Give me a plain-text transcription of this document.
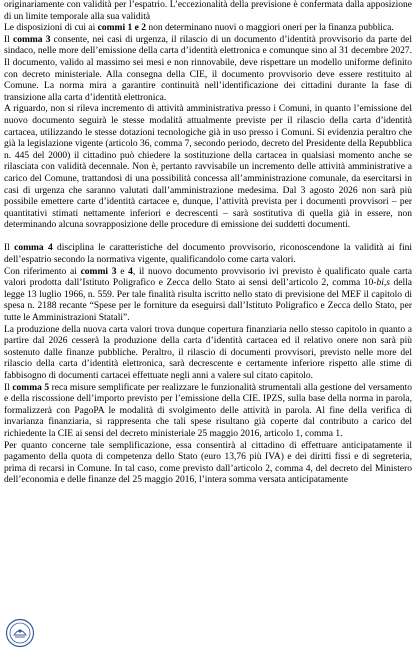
originariamente con validità per l’espatrio. L’eccezionalità della previsione è confermata dalla apposizione di un limite temporale alla sua validità

Le disposizioni di cui ai commi 1 e 2 non determinano nuovi o maggiori oneri per la finanza pubblica.

Il comma 3 consente, nei casi di urgenza, il rilascio di un documento d’identità provvisorio da parte del sindaco, nelle more dell’emissione della carta d’identità elettronica e comunque sino al 31 decembre 2027. Il documento, valido al massimo sei mesi e non rinnovabile, deve rispettare un modello uniforme definito con decreto ministeriale. Alla consegna della CIE, il documento provvisorio deve essere restituito al Comune. La norma mira a garantire continuità nell’identificazione dei cittadini durante la fase di transizione alla carta d’identità elettronica.

A riguardo, non si rileva incremento di attività amministrativa presso i Comuni, in quanto l’emissione del nuovo documento seguirà le stesse modalità attualmente previste per il rilascio della carta d’identità cartacea, utilizzando le stesse dotazioni tecnologiche già in uso presso i Comuni. Si evidenzia peraltro che già la legislazione vigente (articolo 36, comma 7, secondo periodo, decreto del Presidente della Repubblica n. 445 del 2000) il cittadino può chiedere la sostituzione della cartacea in qualsiasi momento anche se rilasciata con validità decennale. Non è, pertanto ravvisabile un incremento delle attività amministrative a carico del Comune, trattandosi di una possibilità concessa all’amministrazione comunale, da esercitarsi in casi di urgenza che saranno valutati dall’amministrazione medesima. Dal 3 agosto 2026 non sarà più possibile emettere carte d’identità cartacee e, dunque, l’attività prevista per i documenti provvisori – per quantitativi stimati nettamente inferiori e decrescenti – sarà sostitutiva di quella già in essere, non determinando alcuna sovrapposizione delle procedure di emissione dei suddetti documenti.

Il comma 4 disciplina le caratteristiche del documento provvisorio, riconoscendone la validità ai fini dell’espatrio secondo la normativa vigente, qualificandolo come carta valori.

Con riferimento ai commi 3 e 4, il nuovo documento provvisorio ivi previsto è qualificato quale carta valori prodotta dall’Istituto Poligrafico e Zecca dello Stato ai sensi dell’articolo 2, comma 10-bi,s della legge 13 luglio 1966, n. 559. Per tale finalità risulta iscritto nello stato di previsione del MEF il capitolo di spesa n. 2188 recante “Spese per le forniture da eseguirsi dall’Istituto Poligrafico e Zecca dello Stato, per tutte le Amministrazioni Statali”.

La produzione della nuova carta valori trova dunque copertura finanziaria nello stesso capitolo in quanto a partire dal 2026 cesserà la produzione della carta d’identità cartacea ed il relativo onere non sarà più sostenuto dalle finanze pubbliche. Peraltro, il rilascio di documenti provvisori, previsto nelle more del rilascio della carta d’identità elettronica, sarà decrescente e certamente inferiore rispetto alle stime di fabbisogno di documenti cartacei effettuate negli anni a valere sul citato capitolo.

Il comma 5 reca misure semplificate per realizzare le funzionalità strumentali alla gestione del versamento e della riscossione dell’importo previsto per l’emissione della CIE. IPZS, sulla base della norma in parola, formalizzerà con PagoPA le modalità di svolgimento delle attività in parola. Al fine della verifica di invarianza finanziaria, si rappresenta che tali spese risultano già coperte dal contributo a carico del richiedente la CIE ai sensi del decreto ministeriale 25 maggio 2016, articolo 1, comma 1.

Per quanto concerne tale semplificazione, essa consentirà al cittadino di effettuare anticipatamente il pagamento della quota di competenza dello Stato (euro 13,76 più IVA) e dei diritti fissi e di segreteria, prima di recarsi in Comune. In tal caso, come previsto dall’articolo 2, comma 4, del decreto del Ministero dell’economia e delle finanze del 25 maggio 2016, l’intera somma versata anticipatamente
